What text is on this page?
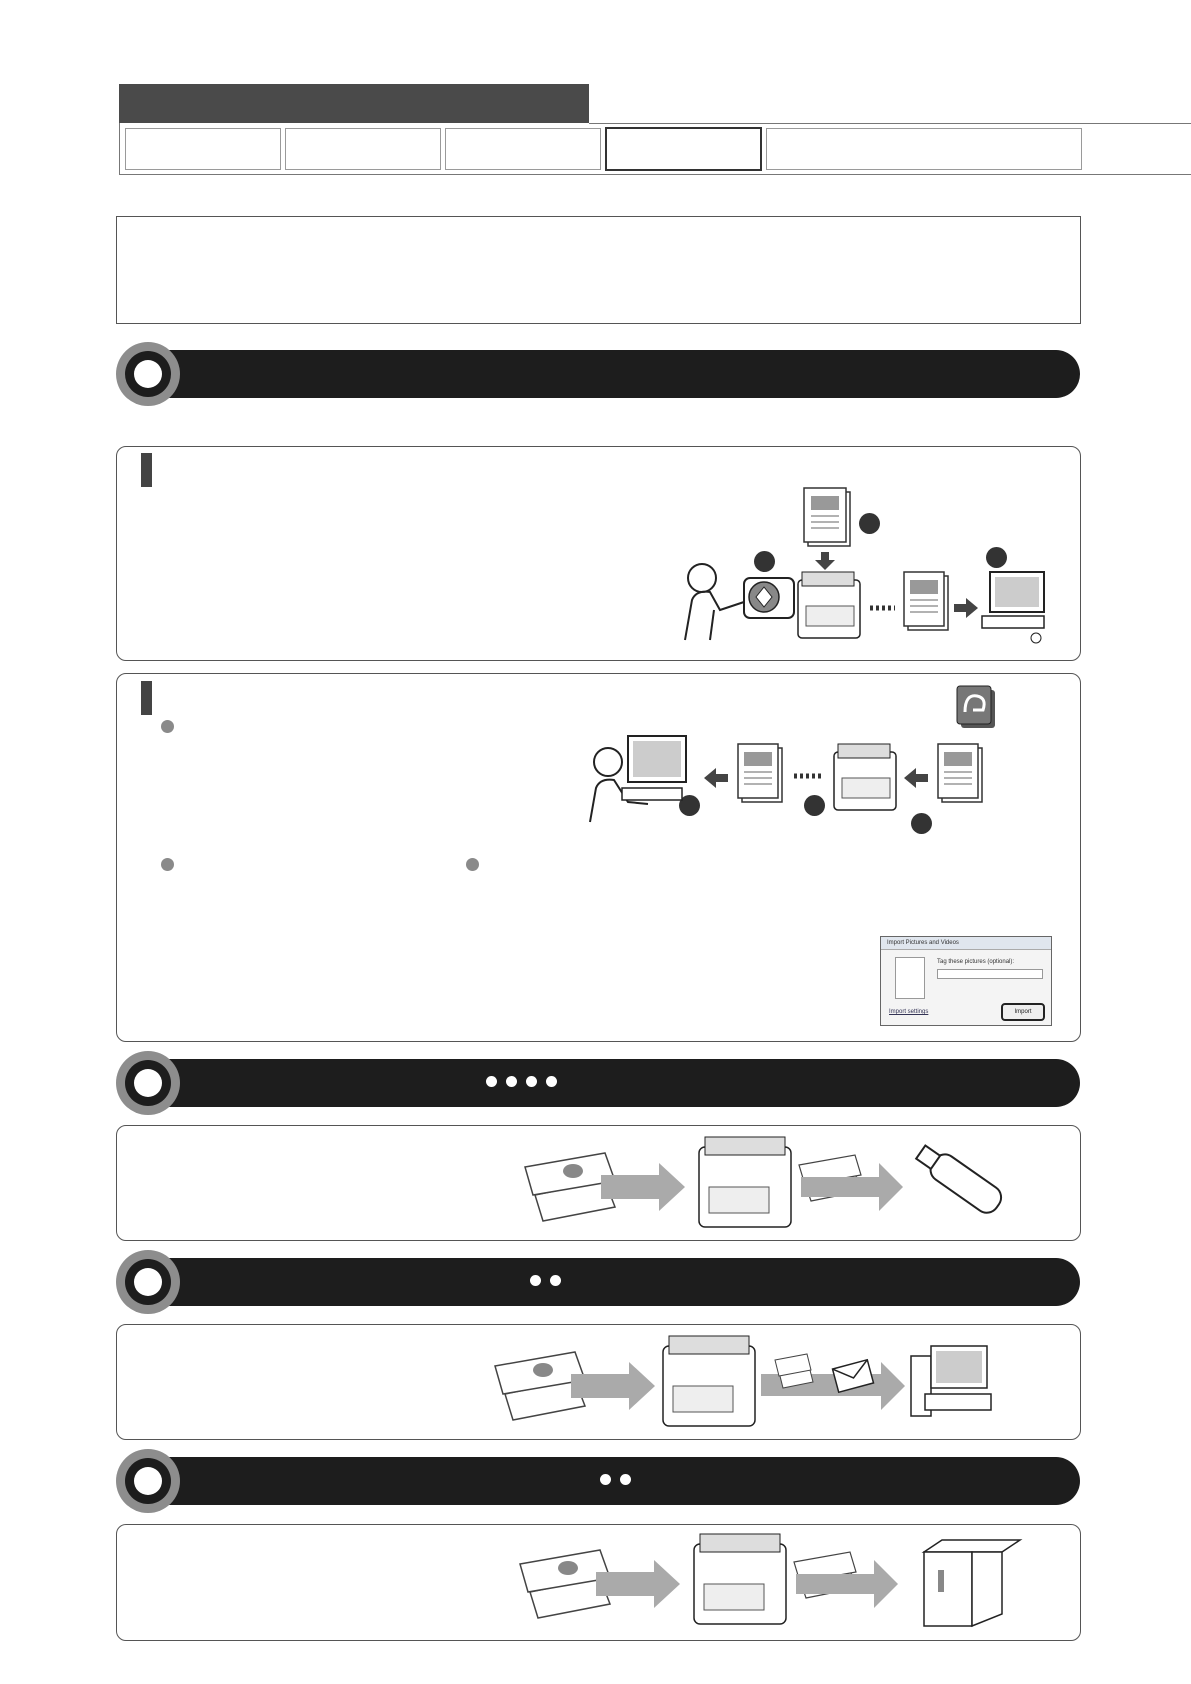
Import Pictures and Videos
Tag these pictures (optional):
Import settings	Import
